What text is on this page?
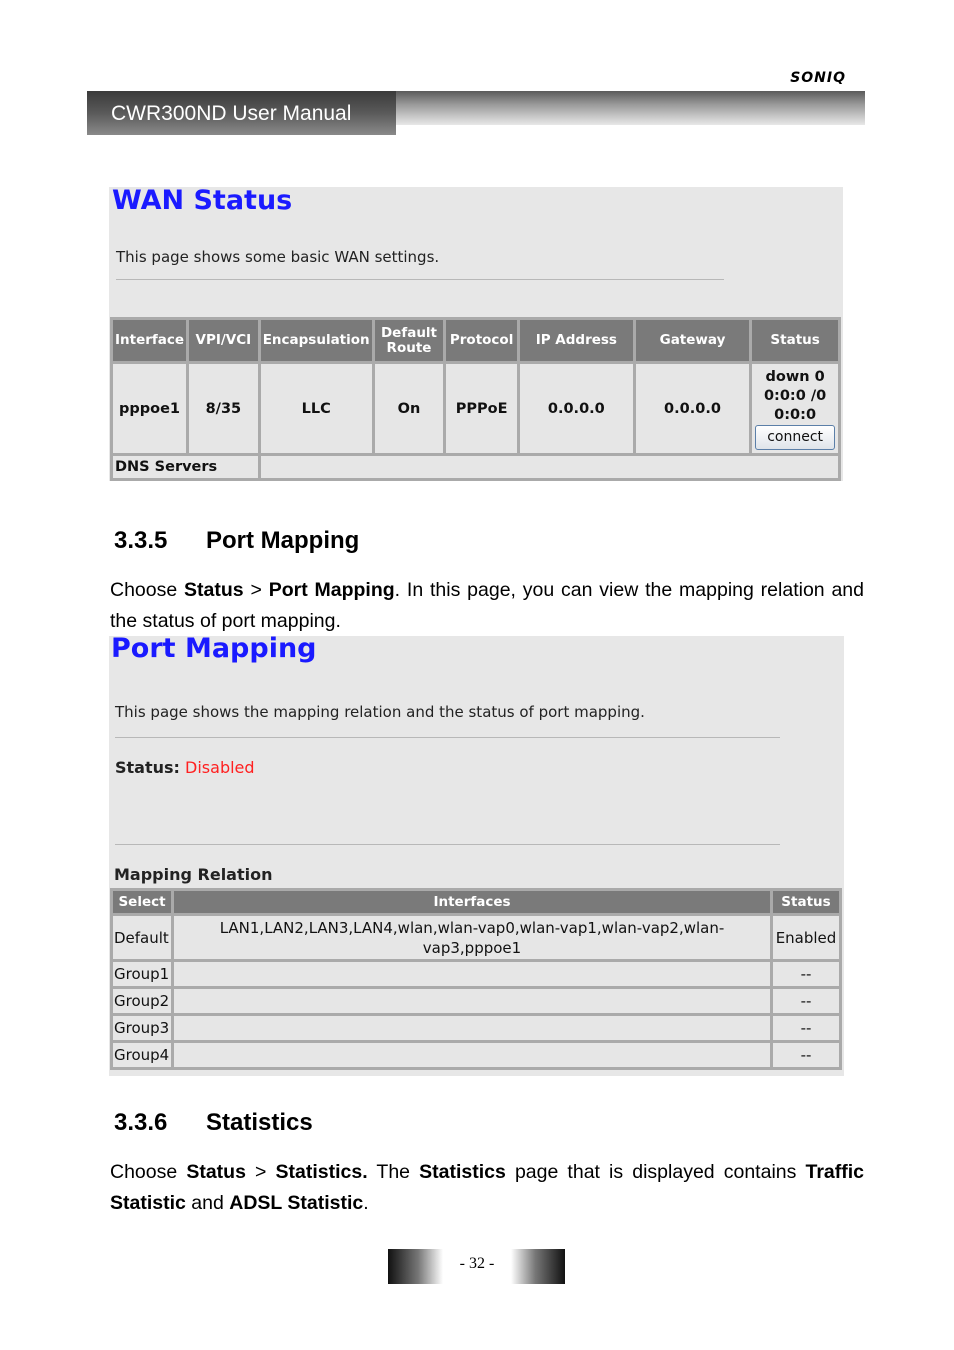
SONIQ
CWR300ND User Manual
WAN Status
This page shows some basic WAN settings.
Interface	VPI/VCI	Encapsulation	Default Route	Protocol	IP Address	Gateway	Status
pppoe1	8/35	LLC	On	PPPoE	0.0.0.0	0.0.0.0	down 0
0:0:0 /0
0:0:0
connect
DNS Servers							
3.3.5 Port Mapping
Choose Status > Port Mapping. In this page, you can view the mapping relation and the status of port mapping.
Port Mapping
This page shows the mapping relation and the status of port mapping.
Status: Disabled
Mapping Relation
Select	Interfaces	Status
Default	LAN1,LAN2,LAN3,LAN4,wlan,wlan-vap0,wlan-vap1,wlan-vap2,wlan-vap3,pppoe1	Enabled
Group1		--
Group2		--
Group3		--
Group4		--
3.3.6 Statistics
Choose Status > Statistics. The Statistics page that is displayed contains Traffic Statistic and ADSL Statistic.
- 32 -
